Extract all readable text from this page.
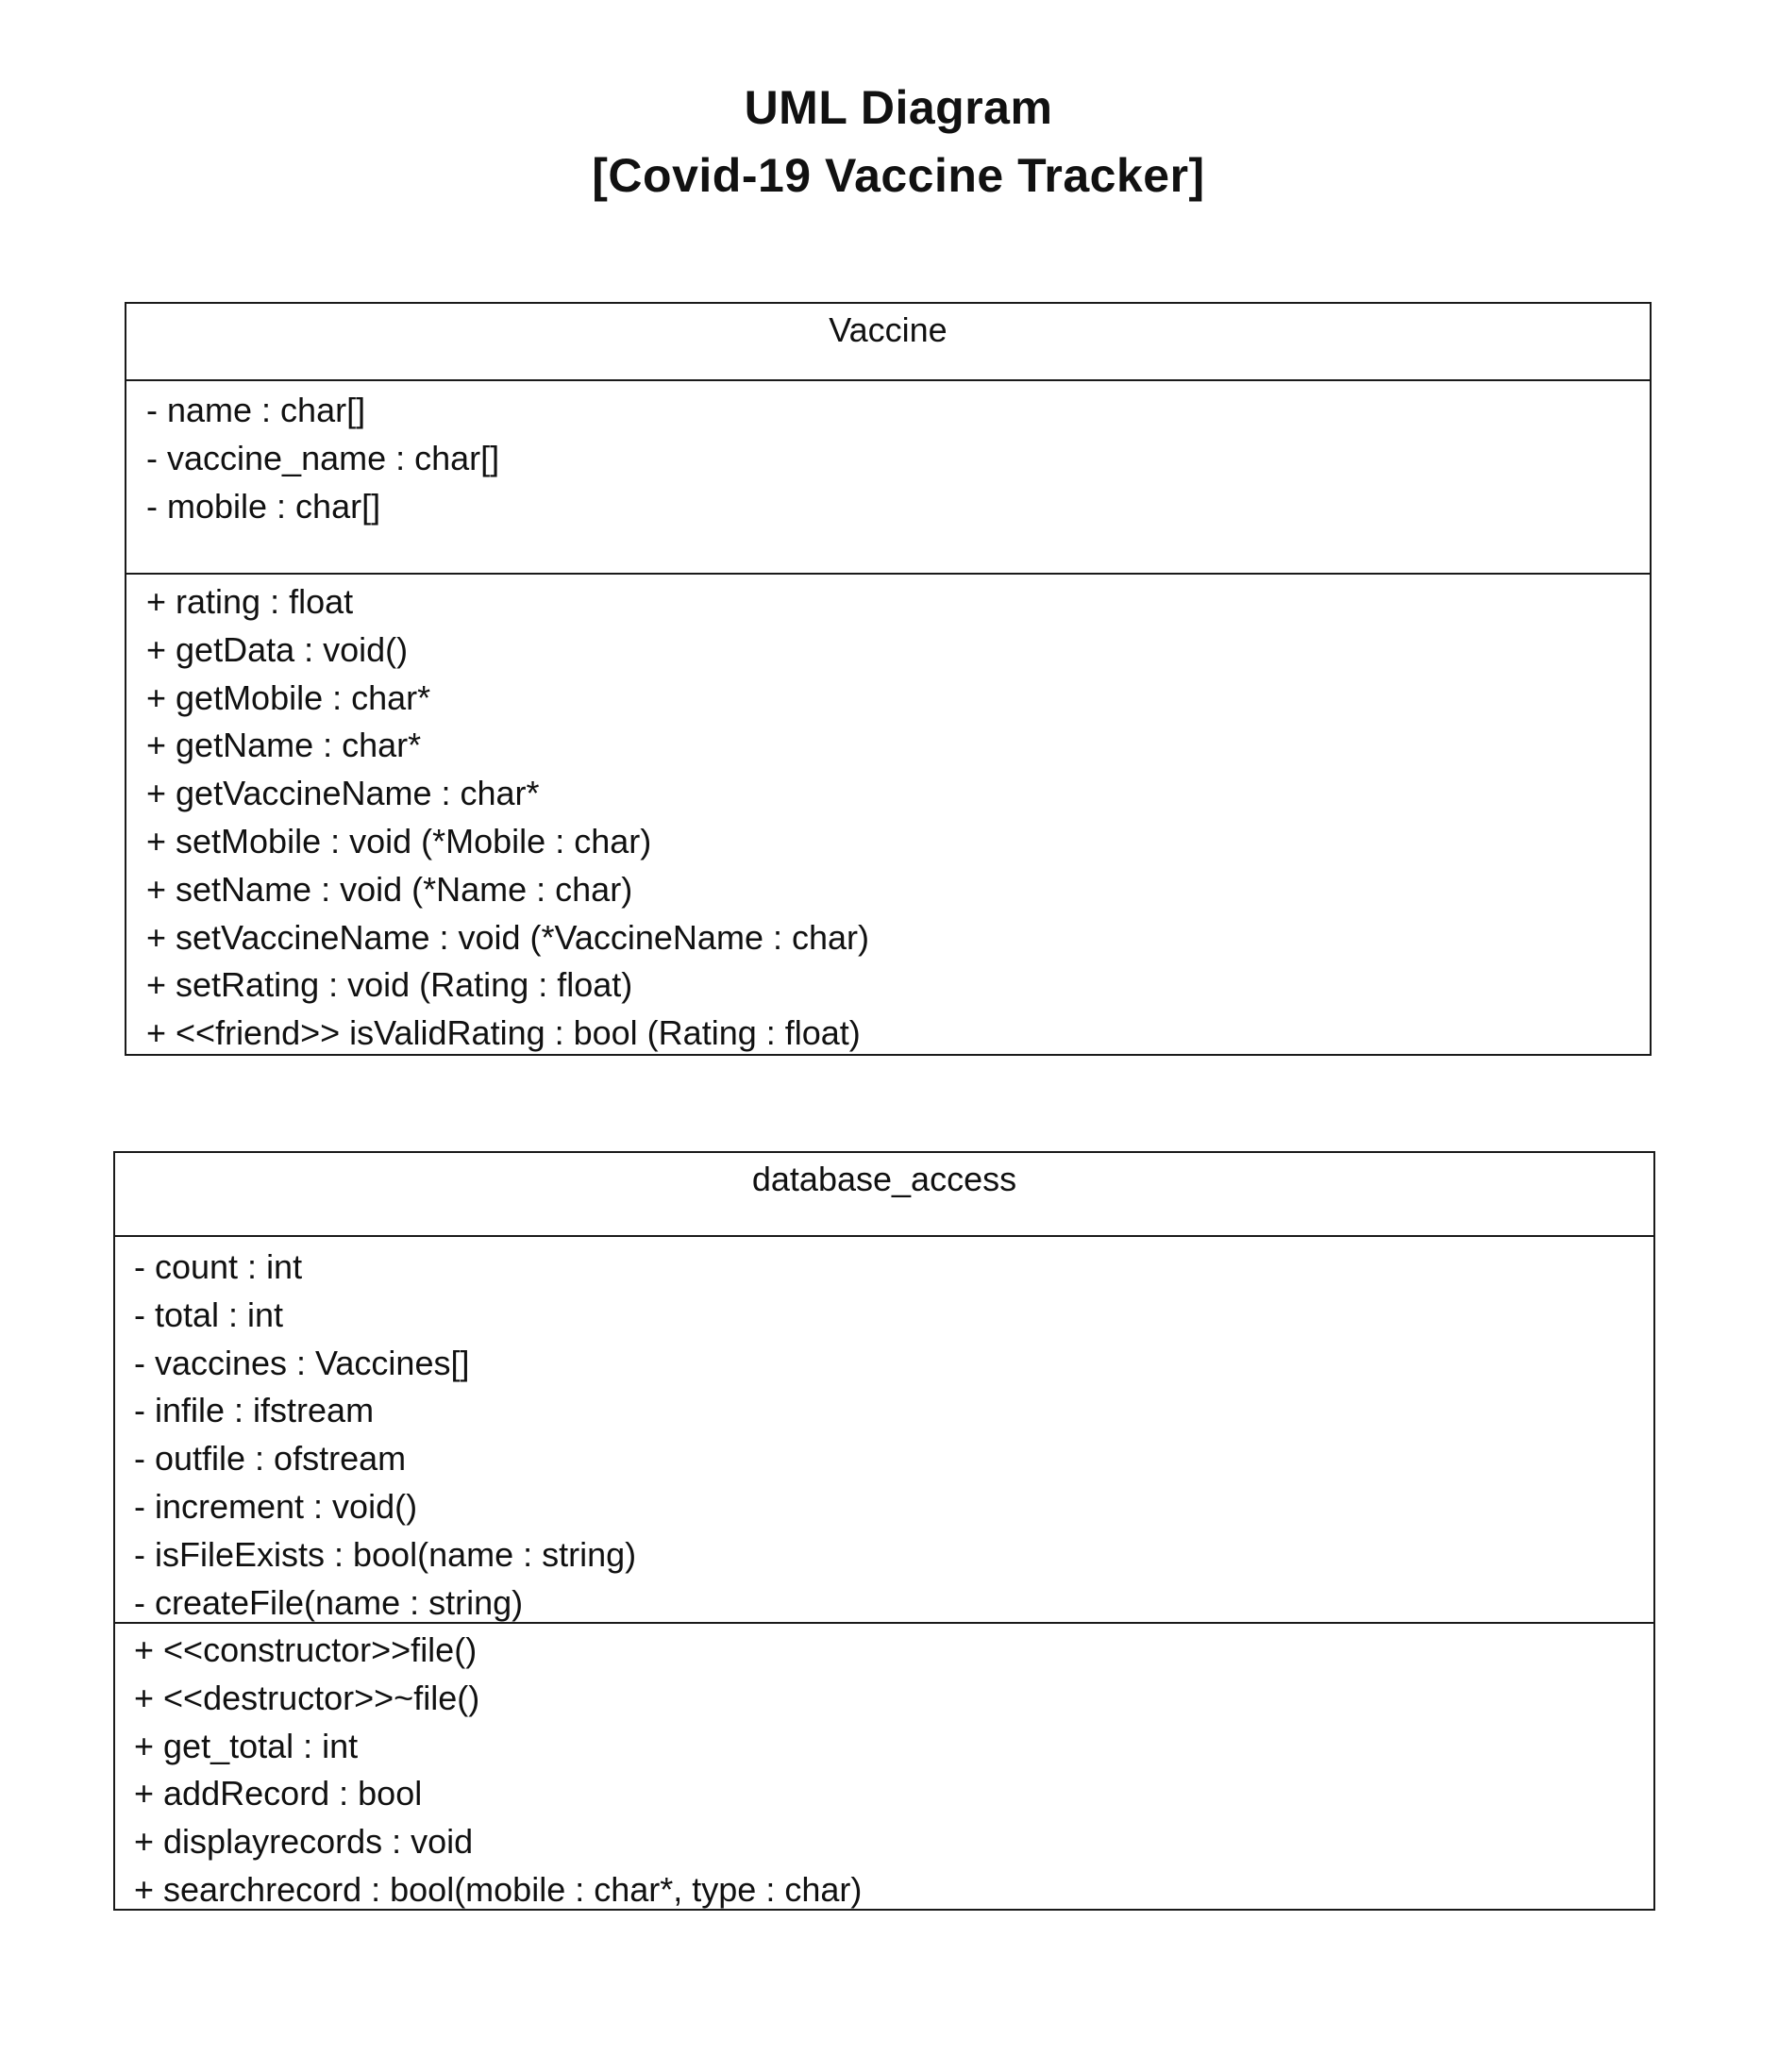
UML Diagram
[Covid-19 Vaccine Tracker]
Vaccine
- name : char[]
- vaccine_name : char[]
- mobile : char[]
+ rating : float
+ getData : void()
+ getMobile : char*
+ getName : char*
+ getVaccineName : char*
+ setMobile : void (*Mobile : char)
+ setName : void (*Name : char)
+ setVaccineName : void (*VaccineName : char)
+ setRating : void (Rating : float)
+ <<friend>> isValidRating : bool (Rating : float)
database_access
- count : int
- total : int
- vaccines : Vaccines[]
- infile : ifstream
- outfile : ofstream
- increment : void()
- isFileExists : bool(name : string)
- createFile(name : string)
+ <<constructor>>file()
+ <<destructor>>~file()
+ get_total : int
+ addRecord : bool
+ displayrecords : void
+ searchrecord : bool(mobile : char*, type : char)
